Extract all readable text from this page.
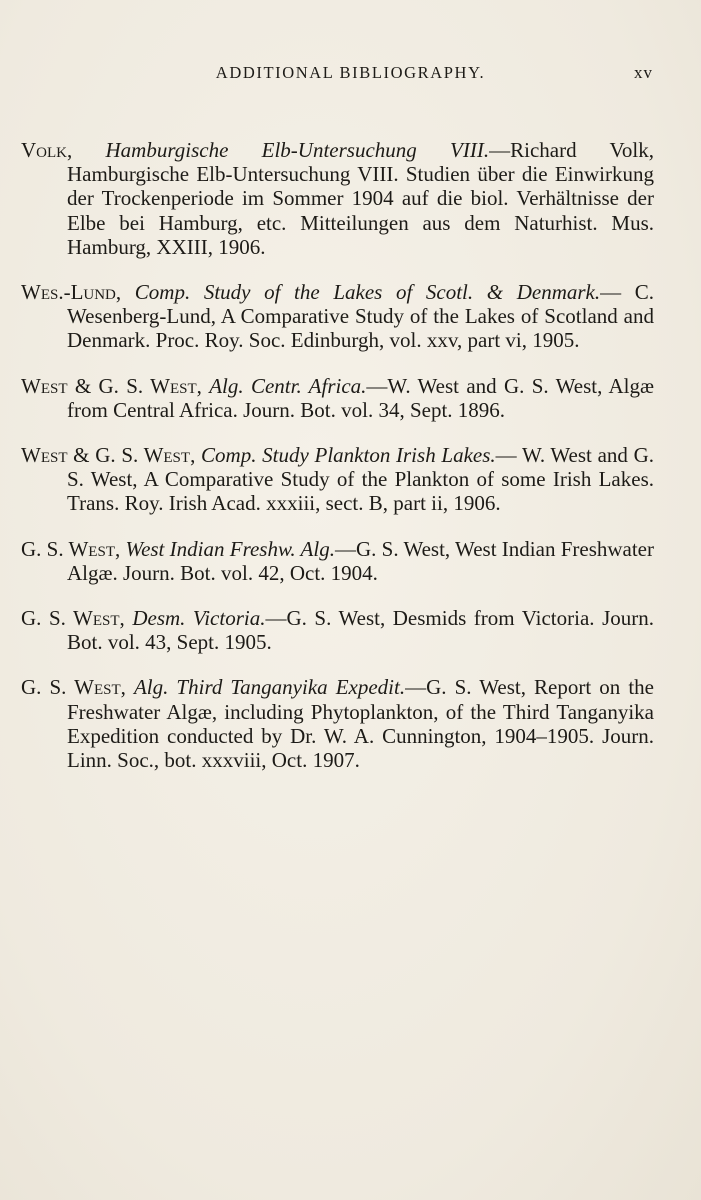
ADDITIONAL BIBLIOGRAPHY.	xv

Volk, Hamburgische Elb-Untersuchung VIII.—Richard Volk, Hamburgische Elb-Untersuchung VIII. Studien über die Einwirkung der Trockenperiode im Sommer 1904 auf die biol. Verhältnisse der Elbe bei Hamburg, etc. Mitteilungen aus dem Naturhist. Mus. Hamburg, XXIII, 1906.

Wes.-Lund, Comp. Study of the Lakes of Scotl. & Denmark.— C. Wesenberg-Lund, A Comparative Study of the Lakes of Scotland and Denmark. Proc. Roy. Soc. Edinburgh, vol. xxv, part vi, 1905.

West & G. S. West, Alg. Centr. Africa.—W. West and G. S. West, Algæ from Central Africa. Journ. Bot. vol. 34, Sept. 1896.

West & G. S. West, Comp. Study Plankton Irish Lakes.— W. West and G. S. West, A Comparative Study of the Plankton of some Irish Lakes. Trans. Roy. Irish Acad. xxxiii, sect. B, part ii, 1906.

G. S. West, West Indian Freshw. Alg.—G. S. West, West Indian Freshwater Algæ. Journ. Bot. vol. 42, Oct. 1904.

G. S. West, Desm. Victoria.—G. S. West, Desmids from Victoria. Journ. Bot. vol. 43, Sept. 1905.

G. S. West, Alg. Third Tanganyika Expedit.—G. S. West, Report on the Freshwater Algæ, including Phytoplankton, of the Third Tanganyika Expedition conducted by Dr. W. A. Cunnington, 1904–1905. Journ. Linn. Soc., bot. xxxviii, Oct. 1907.
